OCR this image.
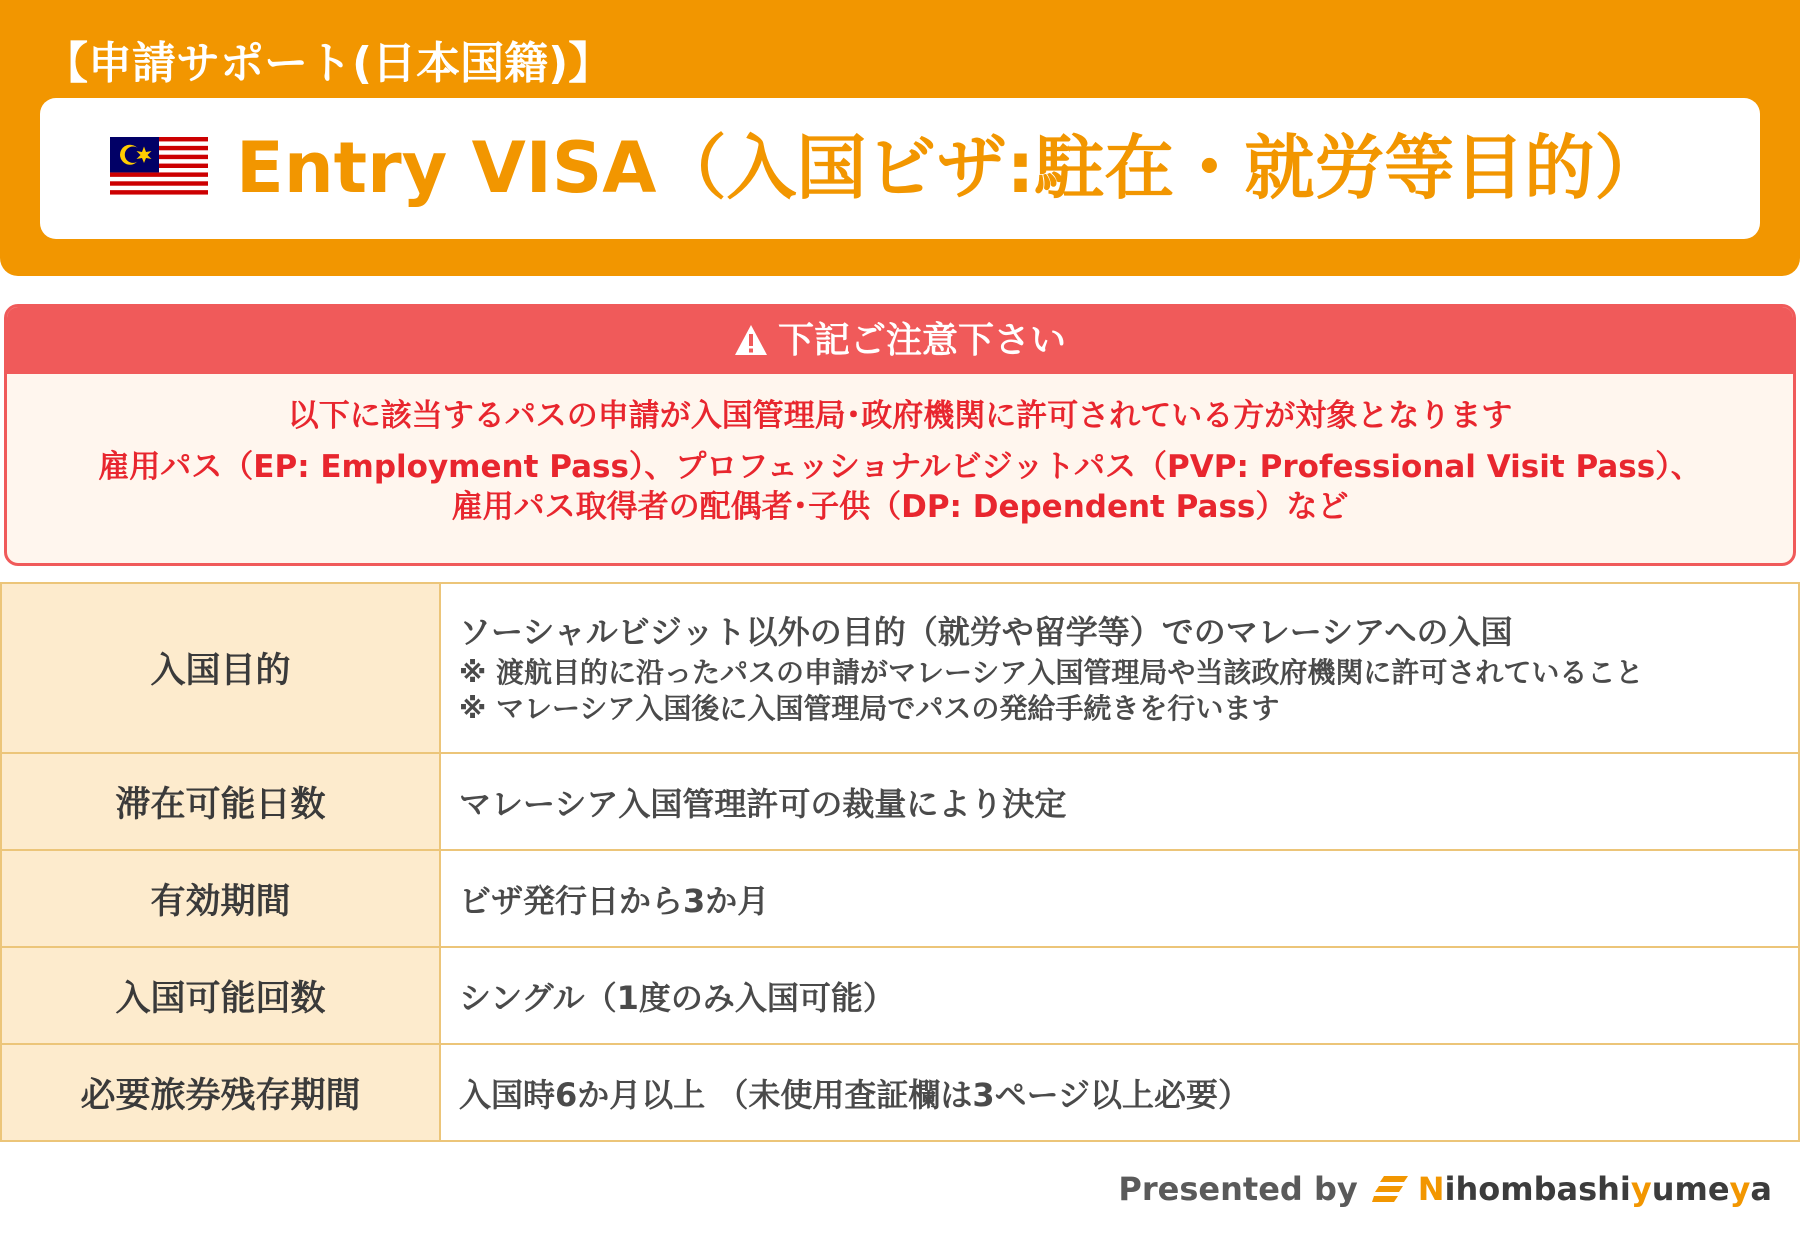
【申請サポート(日本国籍)】
Entry VISA（入国ビザ:駐在・就労等目的）
下記ご注意下さい
以下に該当するパスの申請が入国管理局･政府機関に許可されている方が対象となります
雇用パス（EP: Employment Pass）、プロフェッショナルビジットパス（PVP: Professional Visit Pass）、
雇用パス取得者の配偶者･子供（DP: Dependent Pass）など
入国目的	ソーシャルビジット以外の目的（就労や留学等）でのマレーシアへの入国
※ 渡航目的に沿ったパスの申請がマレーシア入国管理局や当該政府機関に許可されていること
※ マレーシア入国後に入国管理局でパスの発給手続きを行います

滞在可能日数	マレーシア入国管理許可の裁量により決定
有効期間	ビザ発行日から3か月
入国可能回数	シングル（1度のみ入国可能）
必要旅券残存期間	入国時6か月以上 （未使用査証欄は3ページ以上必要）
Presented by Nihombashiyumeya
